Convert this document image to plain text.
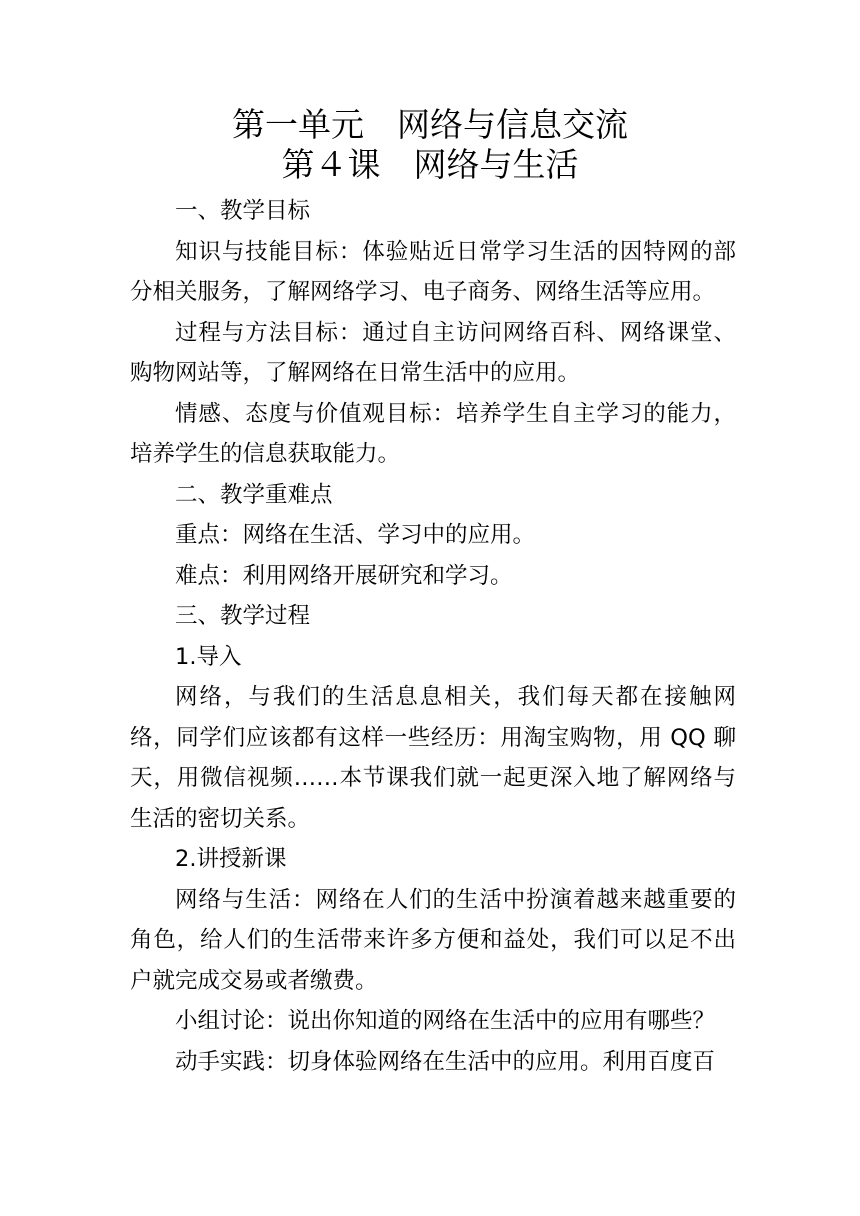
第一单元　网络与信息交流
第４课　网络与生活

一、教学目标

知识与技能目标：体验贴近日常学习生活的因特网的部分相关服务，了解网络学习、电子商务、网络生活等应用。

过程与方法目标：通过自主访问网络百科、网络课堂、购物网站等，了解网络在日常生活中的应用。

情感、态度与价值观目标：培养学生自主学习的能力，培养学生的信息获取能力。

二、教学重难点

重点：网络在生活、学习中的应用。

难点：利用网络开展研究和学习。

三、教学过程

1.导入

网络，与我们的生活息息相关，我们每天都在接触网络，同学们应该都有这样一些经历：用淘宝购物，用 QQ 聊天，用微信视频……本节课我们就一起更深入地了解网络与生活的密切关系。

2.讲授新课

网络与生活：网络在人们的生活中扮演着越来越重要的角色，给人们的生活带来许多方便和益处，我们可以足不出户就完成交易或者缴费。

小组讨论：说出你知道的网络在生活中的应用有哪些？

动手实践：切身体验网络在生活中的应用。利用百度百
